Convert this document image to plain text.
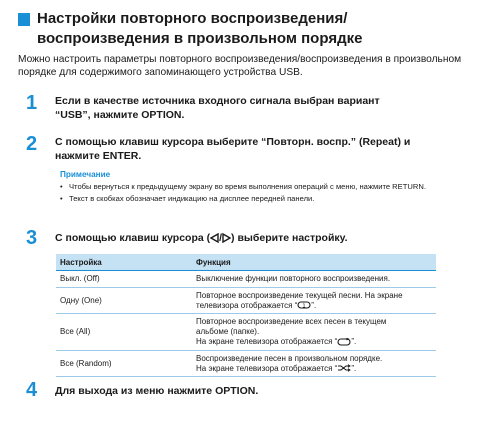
Настройки повторного воспроизведения/
воспроизведения в произвольном порядке
Можно настроить параметры повторного воспроизведения/воспроизведения в произвольном порядке для содержимого запоминающего устройства USB.
1 Если в качестве источника входного сигнала выбран вариант “USB”, нажмите OPTION.
2 С помощью клавиш курсора выберите “Повторн. воспр.” (Repeat) и нажмите ENTER.
Примечание
• Чтобы вернуться к предыдущему экрану во время выполнения операций с меню, нажмите RETURN.
• Текст в скобках обозначает индикацию на дисплее передней панели.
3 С помощью клавиш курсора ( / ) выберите настройку.
Настройка	Функция
Выкл. (Off)	Выключение функции повторного воспроизведения.
Одну (One)	Повторное воспроизведение текущей песни. На экране
телевизора отображается “ 1 ”.
Все (All)	Повторное воспроизведение всех песен в текущем
альбоме (папке).
На экране телевизора отображается “ ”.
Все (Random)	Воспроизведение песен в произвольном порядке.
На экране телевизора отображается “ ”.
4 Для выхода из меню нажмите OPTION.
